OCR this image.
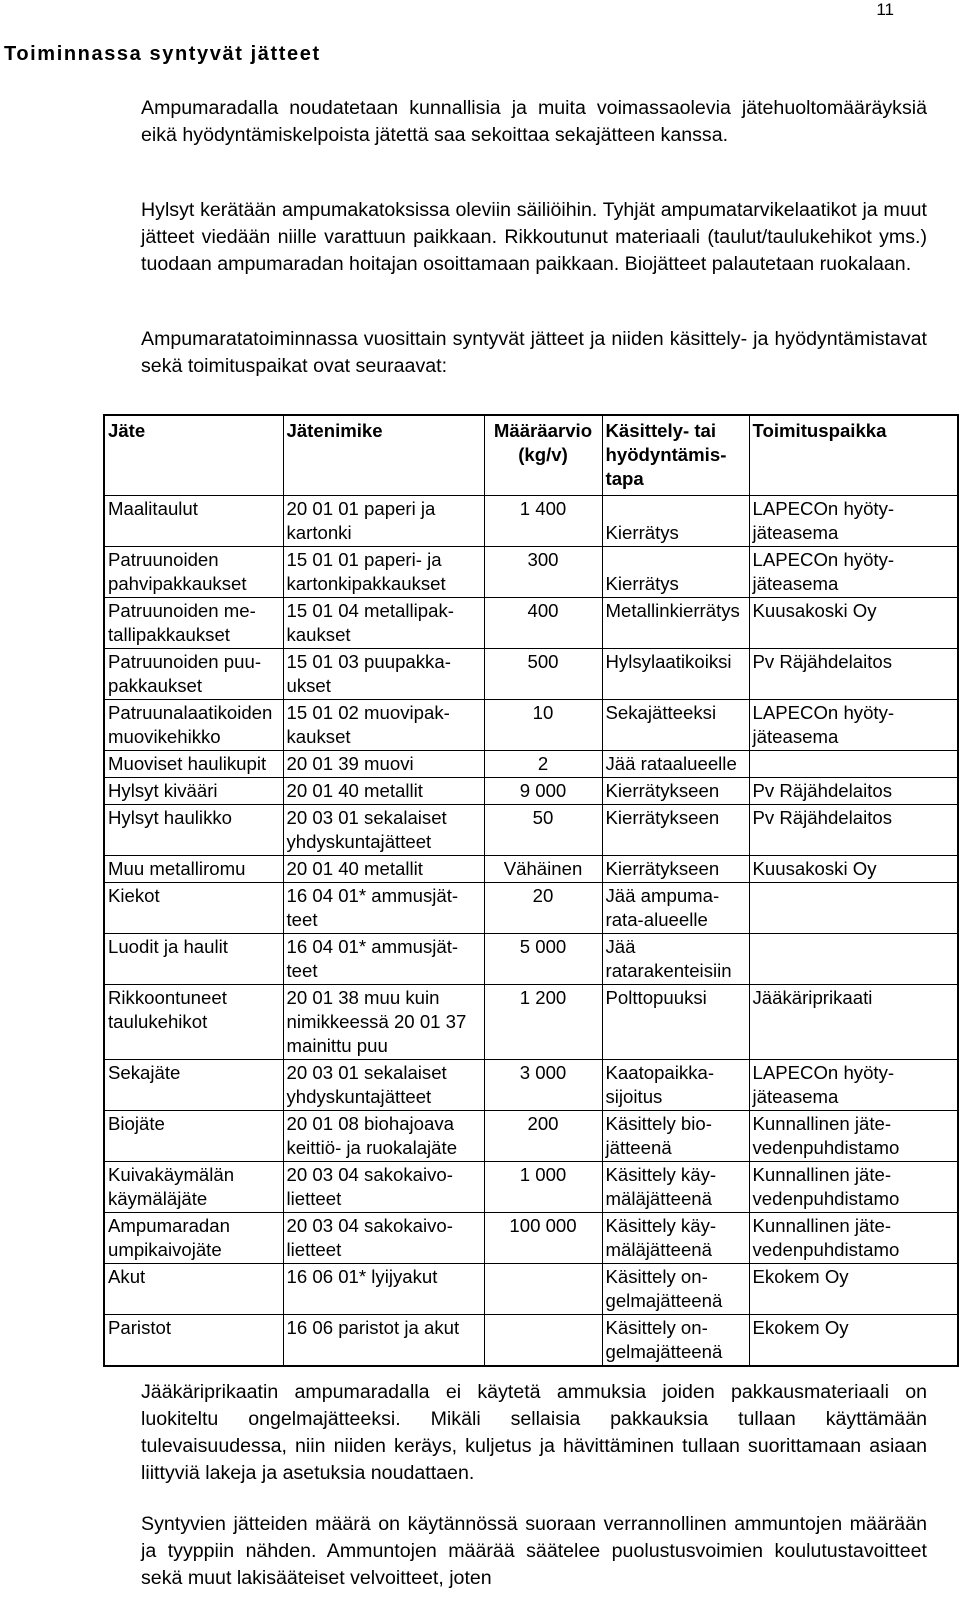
11
Toiminnassa syntyvät jätteet

Ampumaradalla noudatetaan kunnallisia ja muita voimassaolevia jätehuoltomääräyksiä eikä hyödyntämiskelpoista jätettä saa sekoittaa sekajätteen kanssa.

Hylsyt kerätään ampumakatoksissa oleviin säiliöihin. Tyhjät ampumatarvikelaatikot ja muut jätteet viedään niille varattuun paikkaan. Rikkoutunut materiaali (taulut/taulukehikot yms.) tuodaan ampumaradan hoitajan osoittamaan paikkaan. Biojätteet palautetaan ruokalaan.

Ampumaratatoiminnassa vuosittain syntyvät jätteet ja niiden käsittely- ja hyödyntämistavat sekä toimituspaikat ovat seuraavat:

Jäte	Jätenimike	Määräarvio (kg/v)	Käsittely- tai hyödyntämistapa	Toimituspaikka
Maalitaulut	20 01 01 paperi ja kartonki	1 400	Kierrätys	LAPECOn hyötyjäteasema
Patruunoiden pahvipakkaukset	15 01 01 paperi- ja kartonkipakkaukset	300	Kierrätys	LAPECOn hyötyjäteasema
Patruunoiden metallipakkaukset	15 01 04 metallipakkaukset	400	Metallinkierrätys	Kuusakoski Oy
Patruunoiden puupakkaukset	15 01 03 puupakkaukset	500	Hylsylaatikoiksi	Pv Räjähdelaitos
Patruunalaatikoiden muovikehikko	15 01 02 muovipakkaukset	10	Sekajätteeksi	LAPECOn hyötyjäteasema
Muoviset haulikupit	20 01 39 muovi	2	Jää rataalueelle	
Hylsyt kivääri	20 01 40 metallit	9 000	Kierrätykseen	Pv Räjähdelaitos
Hylsyt haulikko	20 03 01 sekalaiset yhdyskuntajätteet	50	Kierrätykseen	Pv Räjähdelaitos
Muu metalliromu	20 01 40 metallit	Vähäinen	Kierrätykseen	Kuusakoski Oy
Kiekot	16 04 01* ammusjätteet	20	Jää ampumarata-alueelle	
Luodit ja haulit	16 04 01* ammusjätteet	5 000	Jää ratarakenteisiin	
Rikkoontuneet taulukehikot	20 01 38 muu kuin nimikkeessä 20 01 37 mainittu puu	1 200	Polttopuuksi	Jääkäriprikaati
Sekajäte	20 03 01 sekalaiset yhdyskuntajätteet	3 000	Kaatopaikkasijoitus	LAPECOn hyötyjäteasema
Biojäte	20 01 08 biohajoava keittiö- ja ruokalajäte	200	Käsittely biojätteenä	Kunnallinen jätevedenpuhdistamo
Kuivakäymälän käymäläjäte	20 03 04 sakokaivolietteet	1 000	Käsittely käymäläjätteenä	Kunnallinen jätevedenpuhdistamo
Ampumaradan umpikaivojäte	20 03 04 sakokaivolietteet	100 000	Käsittely käymäläjätteenä	Kunnallinen jätevedenpuhdistamo
Akut	16 06 01* lyijyakut		Käsittely ongelmajätteenä	Ekokem Oy
Paristot	16 06 paristot ja akut		Käsittely ongelmajätteenä	Ekokem Oy

Jääkäriprikaatin ampumaradalla ei käytetä ammuksia joiden pakkausmateriaali on luokiteltu ongelmajätteeksi. Mikäli sellaisia pakkauksia tullaan käyttämään tulevaisuudessa, niin niiden keräys, kuljetus ja hävittäminen tullaan suorittamaan asiaan liittyviä lakeja ja asetuksia noudattaen.

Syntyvien jätteiden määrä on käytännössä suoraan verrannollinen ammuntojen määrään ja tyyppiin nähden. Ammuntojen määrää säätelee puolustusvoimien koulutustavoitteet sekä muut lakisääteiset velvoitteet, joten
